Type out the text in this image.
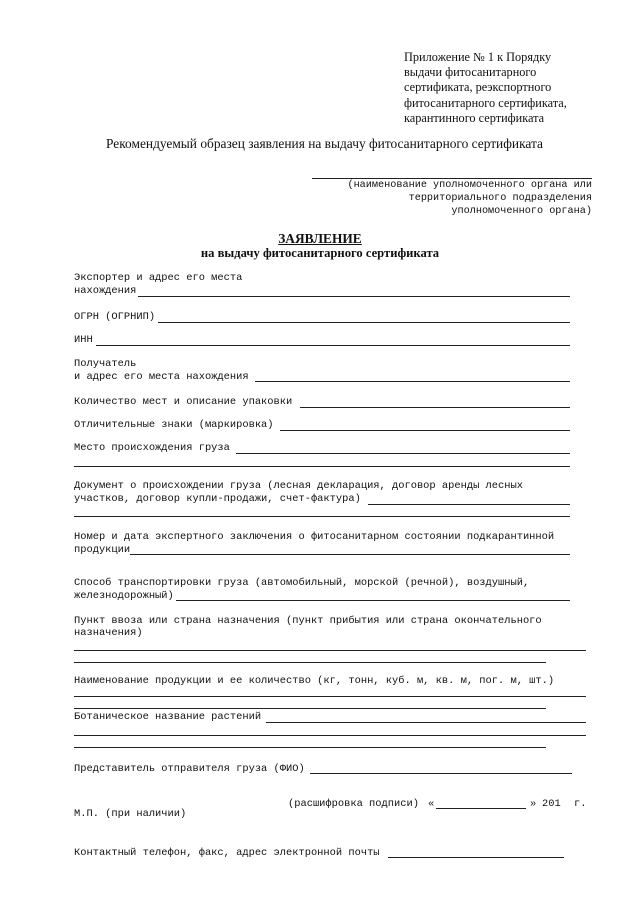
Приложение № 1 к Порядку
выдачи фитосанитарного
сертификата, реэкспортного
фитосанитарного сертификата,
карантинного сертификата
Рекомендуемый образец заявления на выдачу фитосанитарного сертификата
(наименование уполномоченного органа или
территориального подразделения
уполномоченного органа)
ЗАЯВЛЕНИЕ
на выдачу фитосанитарного сертификата
Экспортер и адрес его места
нахождения
ОГРН (ОГРНИП)
ИНН
Получатель
и адрес его места нахождения
Количество мест и описание упаковки
Отличительные знаки (маркировка)
Место происхождения груза
Документ о происхождении груза (лесная декларация, договор аренды лесных
участков, договор купли-продажи, счет-фактура)
Номер и дата экспертного заключения о фитосанитарном состоянии подкарантинной
продукции
Способ транспортировки груза (автомобильный, морской (речной), воздушный,
железнодорожный)
Пункт ввоза или страна назначения (пункт прибытия или страна окончательного
назначения)
Наименование продукции и ее количество (кг, тонн, куб. м, кв. м, пог. м, шт.)
Ботаническое название растений
Представитель отправителя груза (ФИО)
(расшифровка подписи) «	» 201 г.
М.П. (при наличии)
Контактный телефон, факс, адрес электронной почты
